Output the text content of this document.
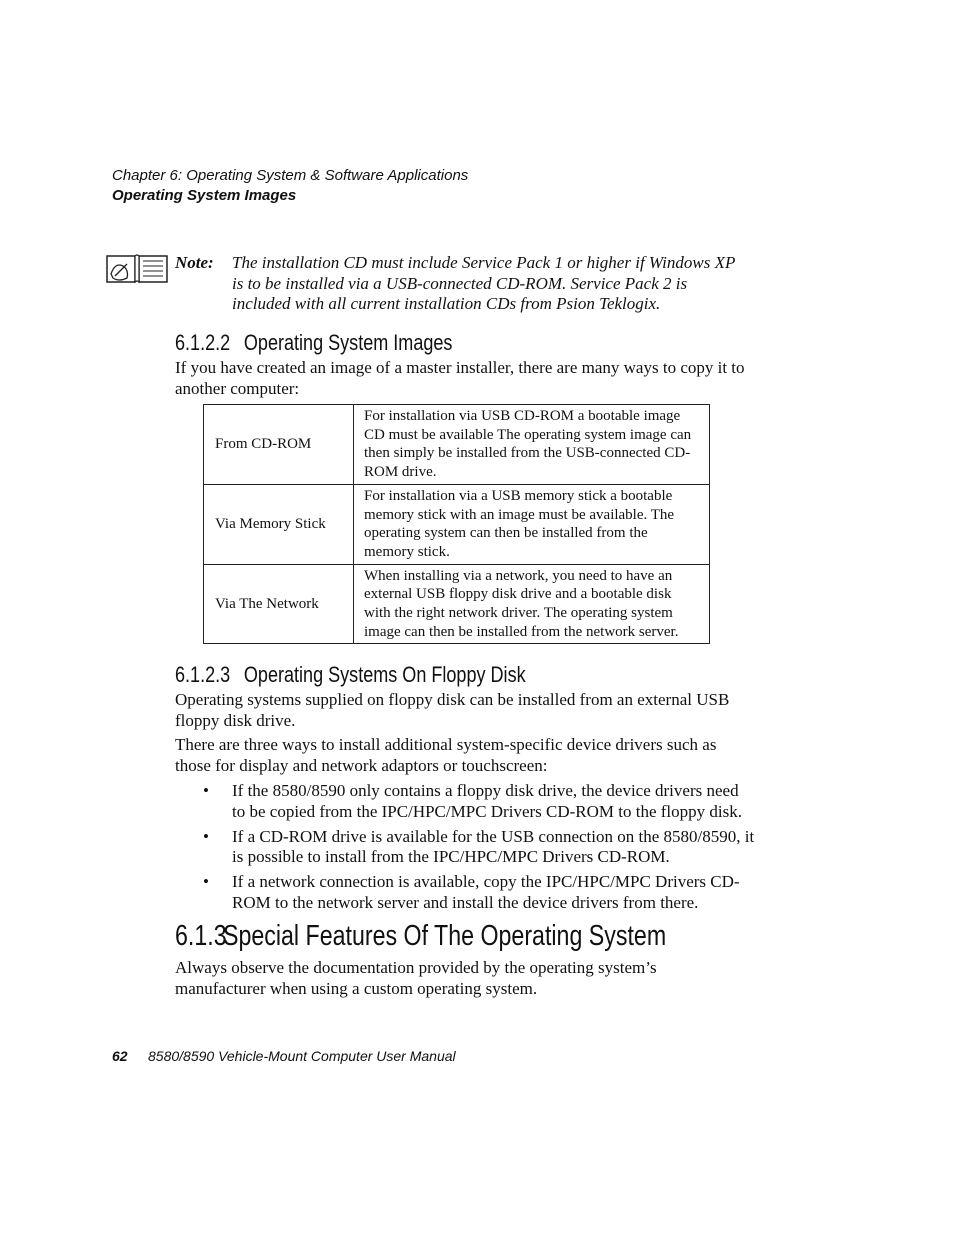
Chapter 6: Operating System & Software Applications
Operating System Images
Note: The installation CD must include Service Pack 1 or higher if Windows XP is to be installed via a USB-connected CD-ROM. Service Pack 2 is included with all current installation CDs from Psion Teklogix.
6.1.2.2 Operating System Images
If you have created an image of a master installer, there are many ways to copy it to another computer:
From CD-ROM	For installation via USB CD-ROM a bootable image CD must be available The operating system image can then simply be installed from the USB-connected CD-ROM drive.
Via Memory Stick	For installation via a USB memory stick a bootable memory stick with an image must be available. The operating system can then be installed from the memory stick.
Via The Network	When installing via a network, you need to have an external USB floppy disk drive and a bootable disk with the right network driver. The operating system image can then be installed from the network server.
6.1.2.3 Operating Systems On Floppy Disk
Operating systems supplied on floppy disk can be installed from an external USB floppy disk drive.
There are three ways to install additional system-specific device drivers such as those for display and network adaptors or touchscreen:
• If the 8580/8590 only contains a floppy disk drive, the device drivers need to be copied from the IPC/HPC/MPC Drivers CD-ROM to the floppy disk.
• If a CD-ROM drive is available for the USB connection on the 8580/8590, it is possible to install from the IPC/HPC/MPC Drivers CD-ROM.
• If a network connection is available, copy the IPC/HPC/MPC Drivers CD-ROM to the network server and install the device drivers from there.
6.1.3Special Features Of The Operating System
Always observe the documentation provided by the operating system’s manufacturer when using a custom operating system.
62 8580/8590 Vehicle-Mount Computer User Manual
